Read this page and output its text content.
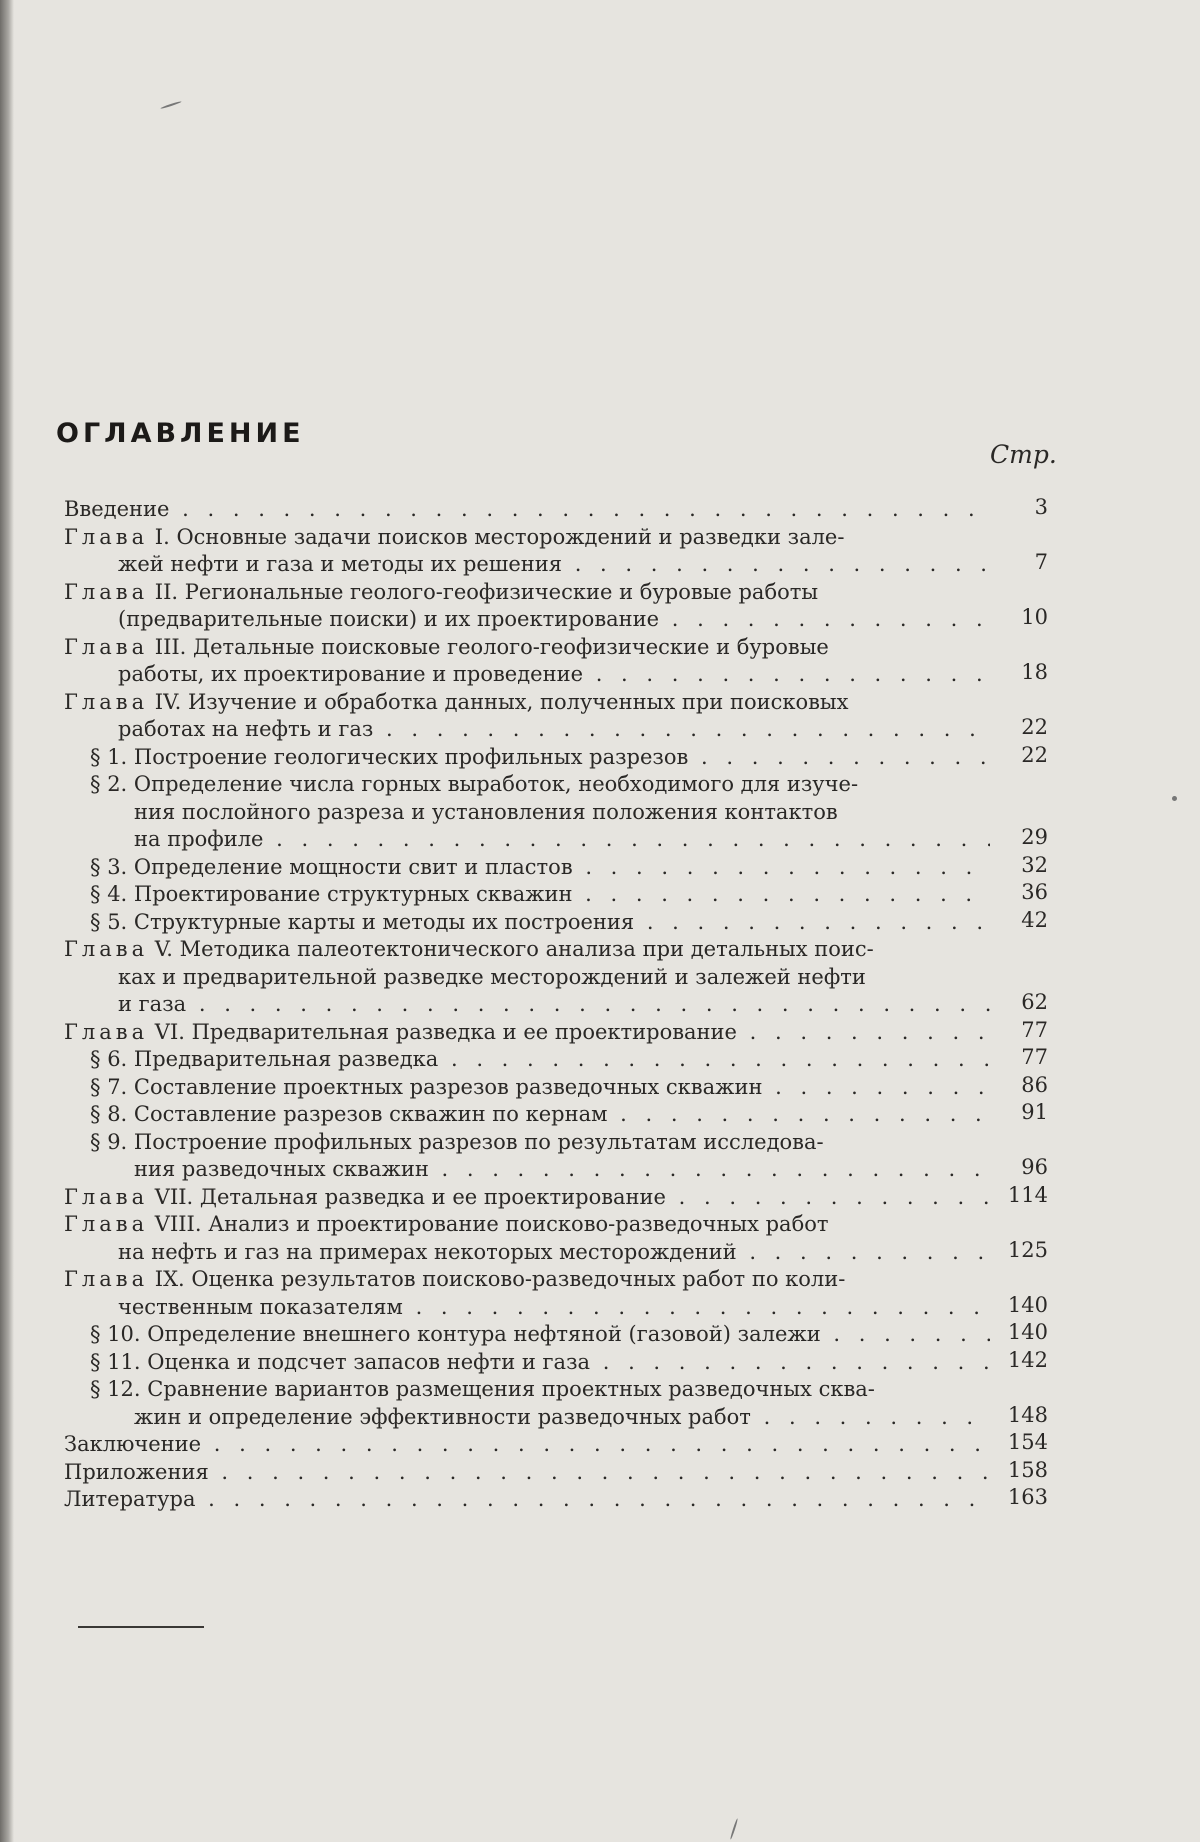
ОГЛАВЛЕНИЕ
Стр.
Введение . . .	3
Глава I. Основные задачи поисков месторождений и разведки зале-
жей нефти и газа и методы их решения . . .	7
Глава II. Региональные геолого-геофизические и буровые работы
(предварительные поиски) и их проектирование . . .	10
Глава III. Детальные поисковые геолого-геофизические и буровые
работы, их проектирование и проведение . . .	18
Глава IV. Изучение и обработка данных, полученных при поисковых
работах на нефть и газ . . .	22
§ 1. Построение геологических профильных разрезов . . .	22
§ 2. Определение числа горных выработок, необходимого для изуче-
ния послойного разреза и установления положения контактов
на профиле . . .	29
§ 3. Определение мощности свит и пластов . . .	32
§ 4. Проектирование структурных скважин . . .	36
§ 5. Структурные карты и методы их построения . . .	42
Глава V. Методика палеотектонического анализа при детальных поис-
ках и предварительной разведке месторождений и залежей нефти
и газа . . .	62
Глава VI. Предварительная разведка и ее проектирование . . .	77
§ 6. Предварительная разведка . . .	77
§ 7. Составление проектных разрезов разведочных скважин . . .	86
§ 8. Составление разрезов скважин по кернам . . .	91
§ 9. Построение профильных разрезов по результатам исследова-
ния разведочных скважин . . .	96
Глава VII. Детальная разведка и ее проектирование . . .	114
Глава VIII. Анализ и проектирование поисково-разведочных работ
на нефть и газ на примерах некоторых месторождений . . .	125
Глава IX. Оценка результатов поисково-разведочных работ по коли-
чественным показателям . . .	140
§ 10. Определение внешнего контура нефтяной (газовой) залежи . . .	140
§ 11. Оценка и подсчет запасов нефти и газа . . .	142
§ 12. Сравнение вариантов размещения проектных разведочных сква-
жин и определение эффективности разведочных работ . . .	148
Заключение . . .	154
Приложения . . .	158
Литература . . .	163
